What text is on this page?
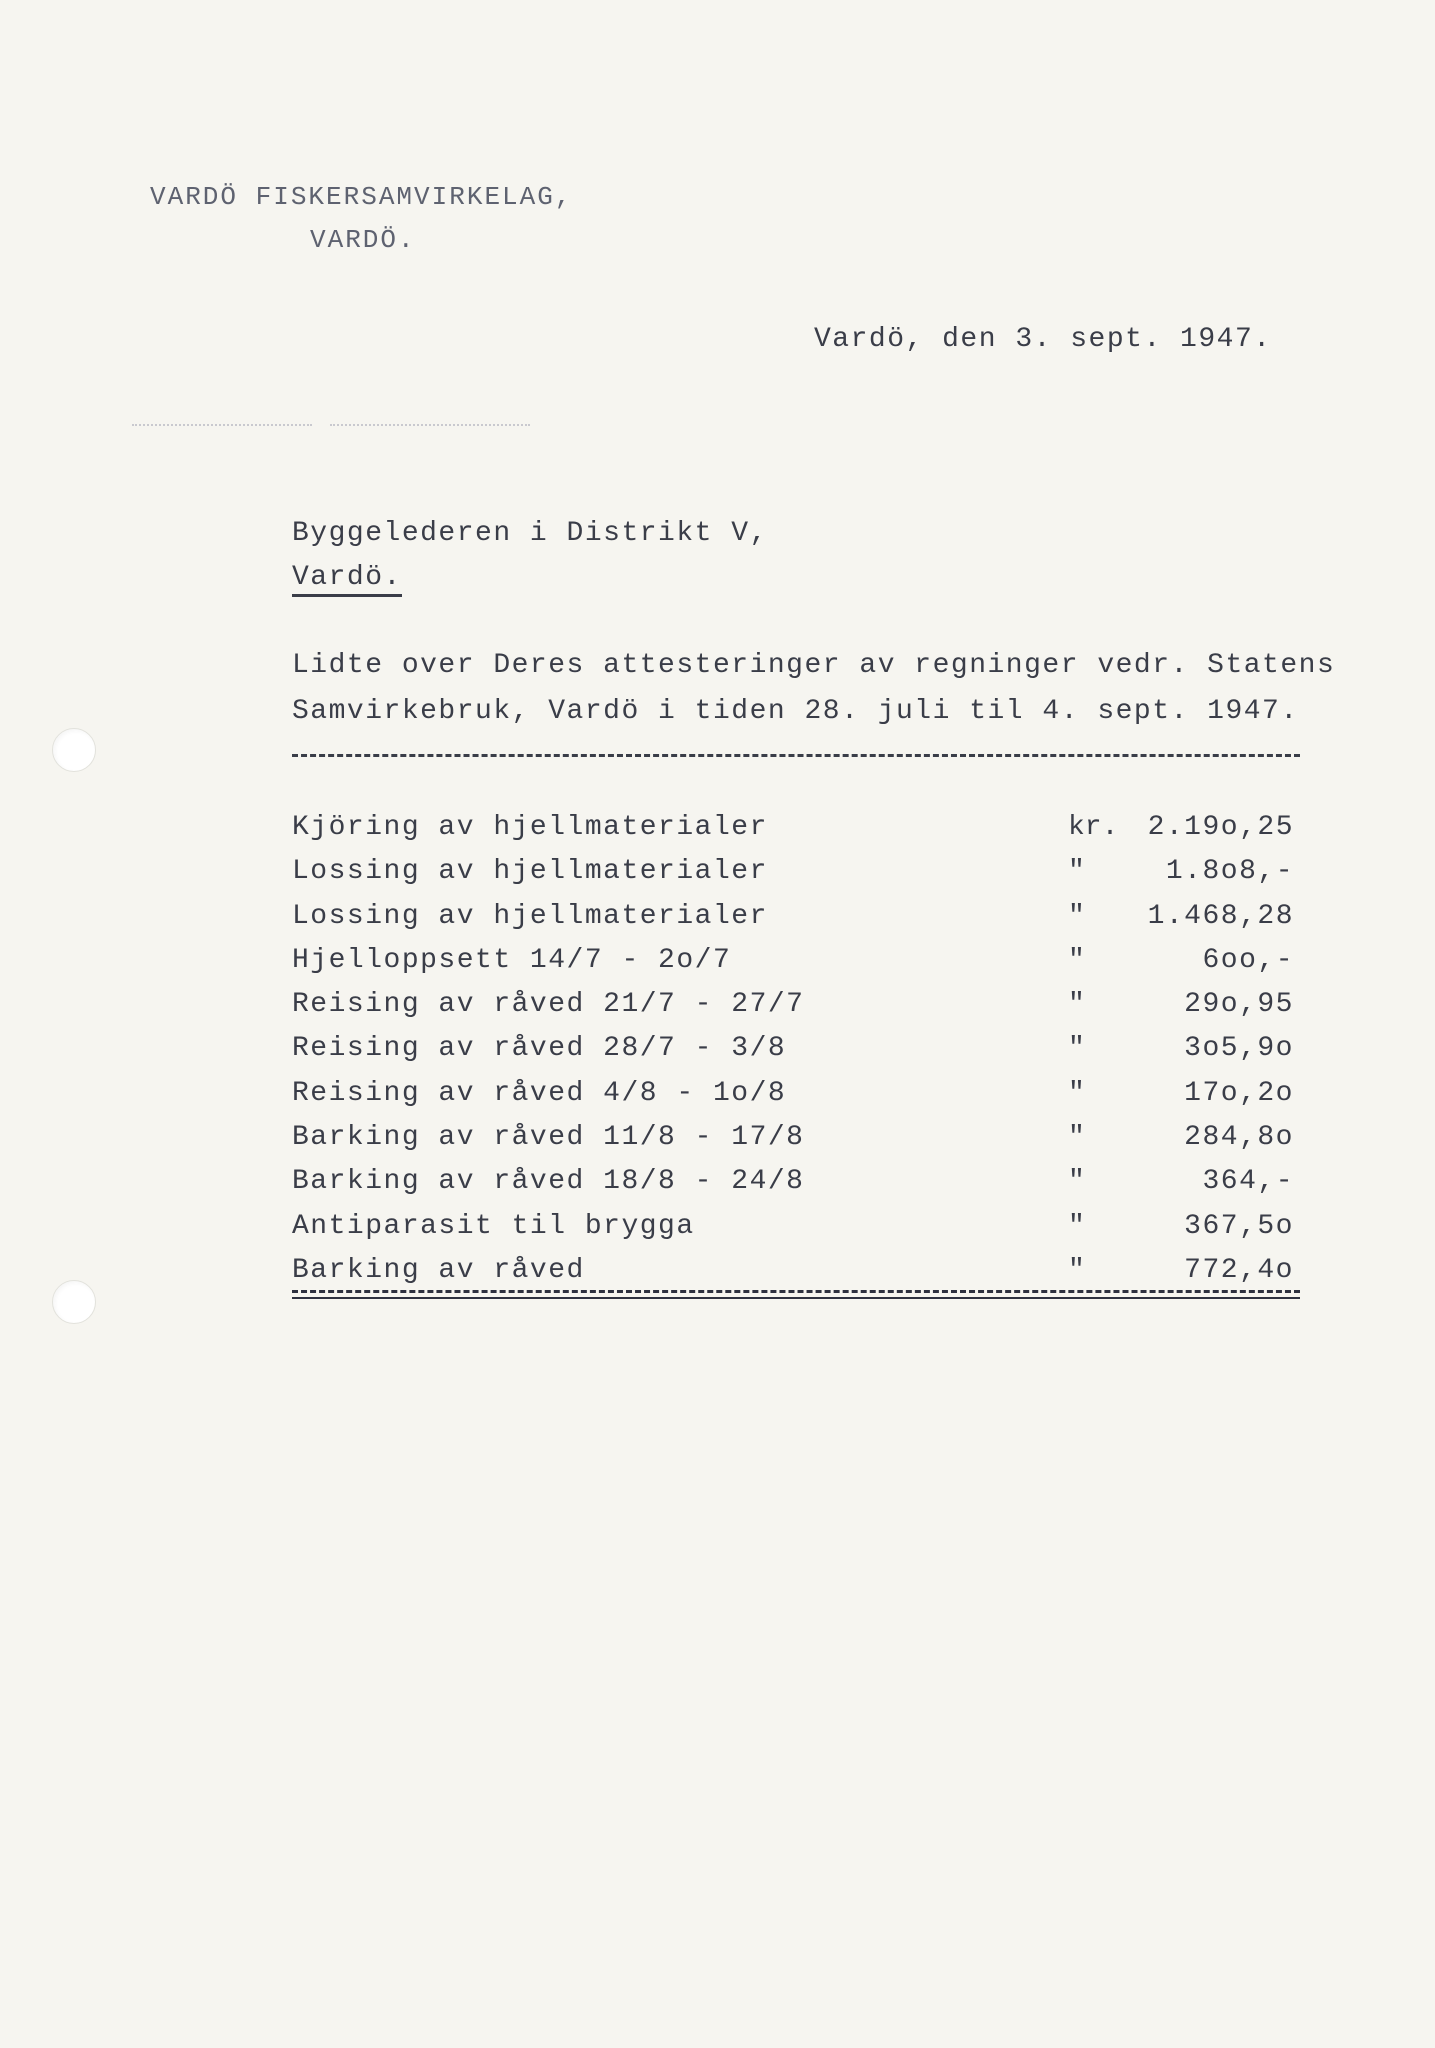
VARDÖ FISKERSAMVIRKELAG,
VARDÖ.
Vardö, den 3. sept. 1947.
Byggelederen i Distrikt V,
Vardö.
Lidte over Deres attesteringer av regninger vedr. Statens
Samvirkebruk, Vardö i tiden 28. juli til 4. sept. 1947.
Kjöring av hjellmaterialer	kr. 2.19o,25
Lossing av hjellmaterialer	"	1.8o8,-
Lossing av hjellmaterialer	" 1.468,28
Hjelloppsett 14/7 - 2o/7	"	6oo,-
Reising av råved 21/7 - 27/7	"	29o,95
Reising av råved 28/7 - 3/8	"	3o5,9o
Reising av råved 4/8 - 1o/8	"	17o,2o
Barking av råved 11/8 - 17/8	"	284,8o
Barking av råved 18/8 - 24/8	"	364,-
Antiparasit til brygga	"	367,5o
Barking av råved	"	772,4o
